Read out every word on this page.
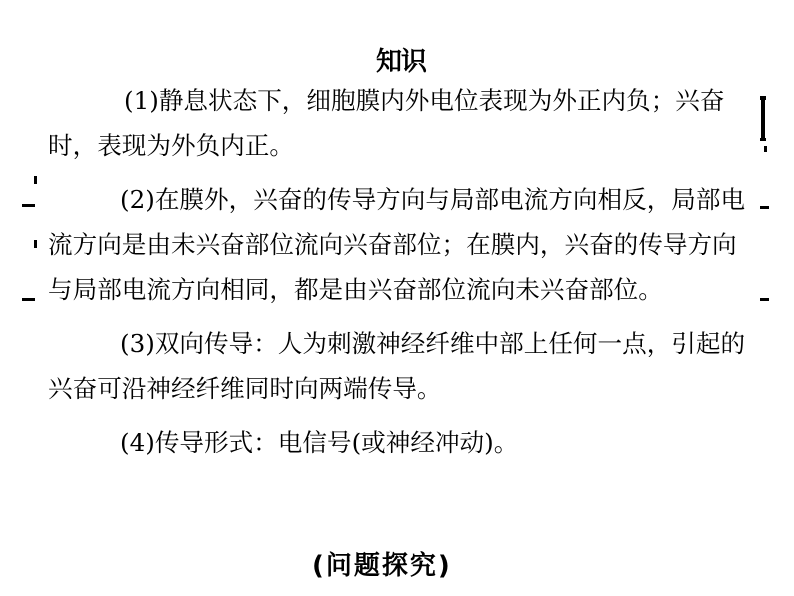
知识

(1)静息状态下，细胞膜内外电位表现为外正内负；兴奋时，表现为外负内正。

(2)在膜外，兴奋的传导方向与局部电流方向相反，局部电流方向是由未兴奋部位流向兴奋部位；在膜内，兴奋的传导方向与局部电流方向相同，都是由兴奋部位流向未兴奋部位。

(3)双向传导：人为刺激神经纤维中部上任何一点，引起的兴奋可沿神经纤维同时向两端传导。

(4)传导形式：电信号(或神经冲动)。

(问题探究)
